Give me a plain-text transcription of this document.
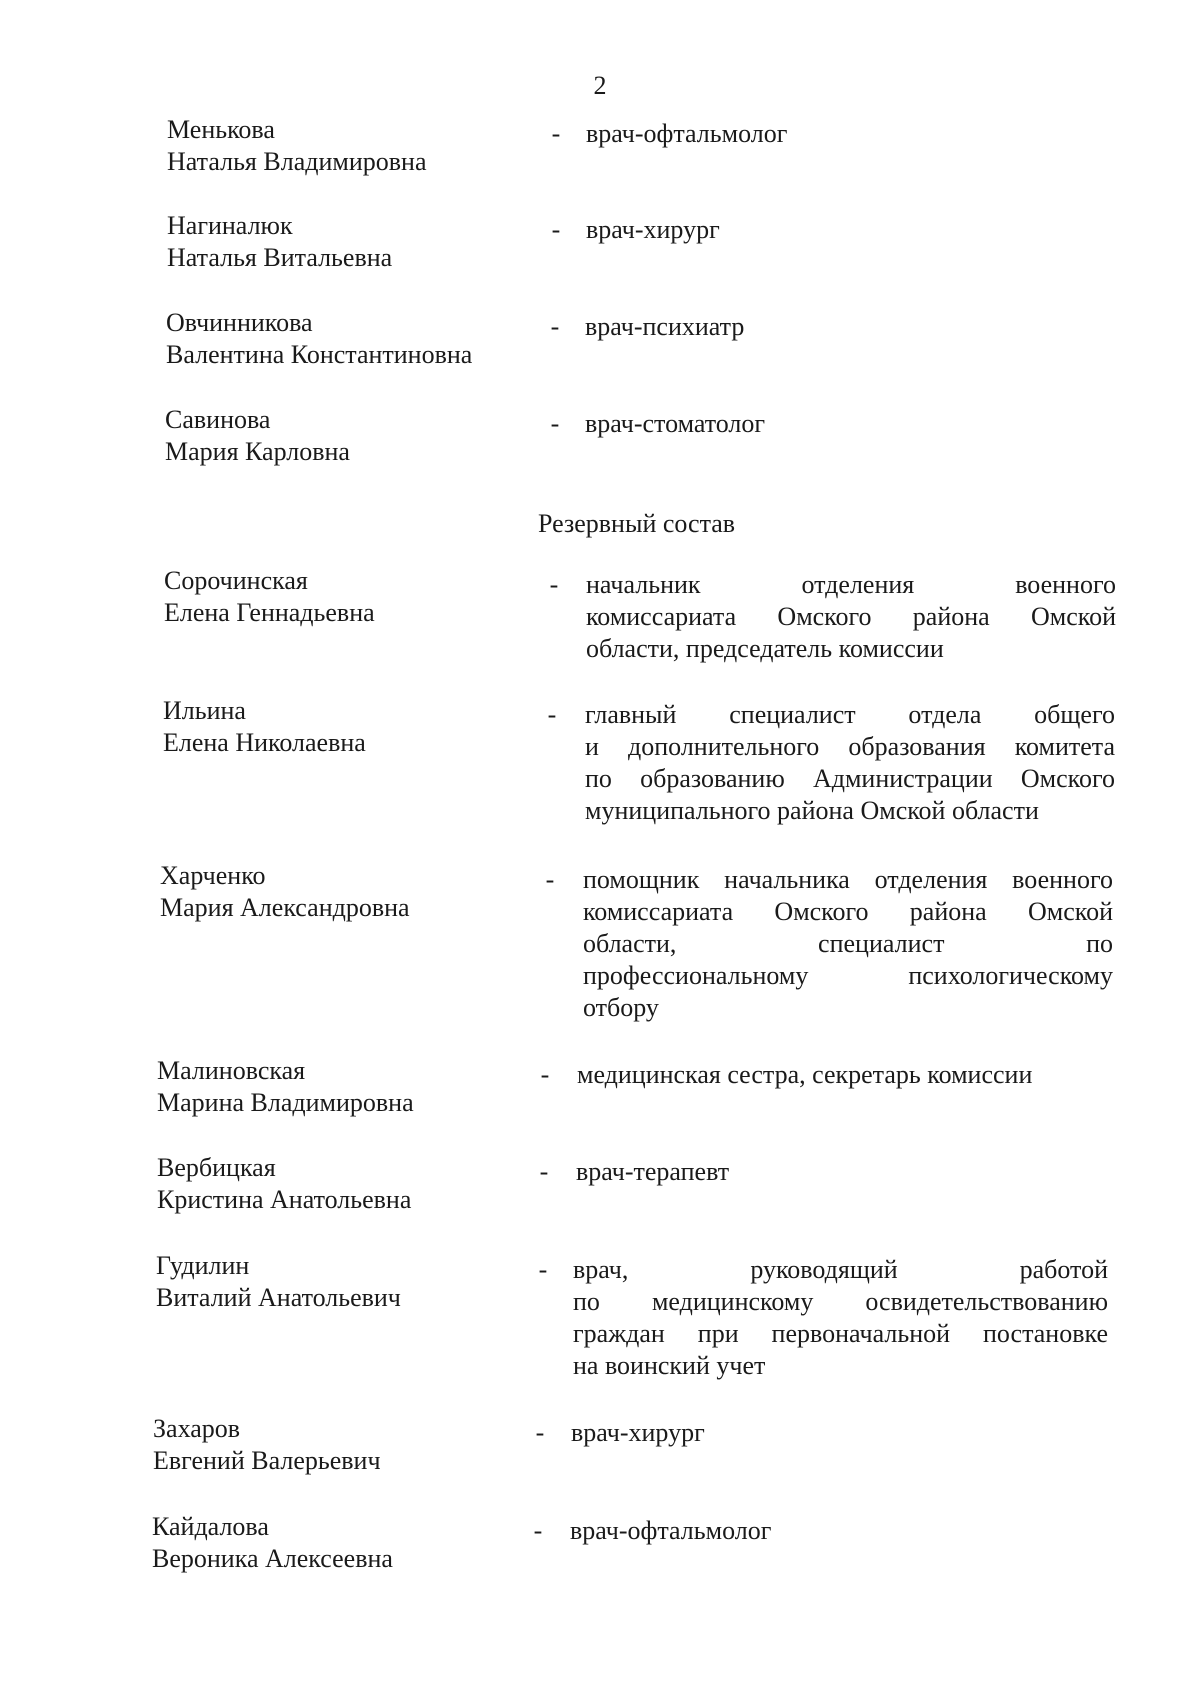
2
Менькова
Наталья Владимировна
- врач-офтальмолог
Нагиналюк
Наталья Витальевна
- врач-хирург
Овчинникова
Валентина Константиновна
- врач-психиатр
Савинова
Мария Карловна
- врач-стоматолог
Резервный состав
Сорочинская
Елена Геннадьевна
- начальник отделения военного
комиссариата Омского района Омской
области, председатель комиссии
Ильина
Елена Николаевна
- главный специалист отдела общего
и дополнительного образования комитета
по образованию Администрации Омского
муниципального района Омской области
Харченко
Мария Александровна
- помощник начальника отделения военного
комиссариата Омского района Омской
области, специалист по
профессиональному психологическому
отбору
Малиновская
Марина Владимировна
- медицинская сестра, секретарь комиссии
Вербицкая
Кристина Анатольевна
- врач-терапевт
Гудилин
Виталий Анатольевич
- врач, руководящий работой
по медицинскому освидетельствованию
граждан при первоначальной постановке
на воинский учет
Захаров
Евгений Валерьевич
- врач-хирург
Кайдалова
Вероника Алексеевна
- врач-офтальмолог
